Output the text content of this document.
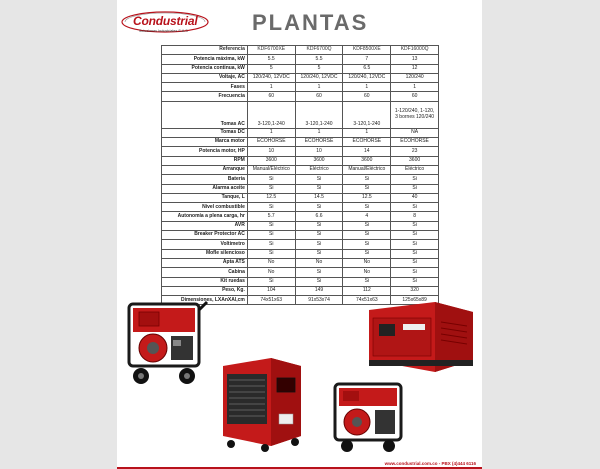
Condustrial
Soluciones Industriales S.A.S	PLANTAS
Referencia	KDF6700XE	KDF6700Q	KDF8500XE	KDF16000Q
Potencia máxima, kW	5.5	5.5	7	13
Potencia continua, kW	5	5	6.5	12
Voltaje, AC	120/240, 12VDC	120/240, 12VDC	120/240, 12VDC	120/240
Fases	1	1	1	1
Frecuencia	60	60	60	60
Tomas AC	3-120,1-240	3-120,1-240	3-120,1-240	1-120/240, 1-120, 3 bornes 120/240
Tomas DC	1	1	1	NA
Marca motor	ECOHORSE	ECOHORSE	ECOHORSE	ECOHORSE
Potencia motor, HP	10	10	14	23
RPM	3600	3600	3600	3600
Arranque	Manual/Eléctrico	Eléctrico	Manual/Eléctrico	Eléctrico
Bateria	Si	Si	Si	Si
Alarma aceite	Si	Si	Si	Si
Tanque, L	12.5	14.5	12.5	40
Nivel combustible	Si	Si	Si	Si
Autonomía a plena carga, hr	5.7	6.6	4	8
AVR	Si	Si	Si	Si
Breaker Protector AC	Si	Si	Si	Si
Voltimetro	Si	Si	Si	Si
Mofle silencioso	Si	Si	Si	Si
Apta ATS	No	No	No	Si
Cabina	No	Si	No	Si
Kit ruedas	Si	Si	Si	Si
Peso, Kg.	104	149	112	320
Dimensiones, LXAnXAl,cm	74x51x63	91x53x74	74x51x63	125x65x89
www.condustrial.com.co - PBX (4)444 6116
